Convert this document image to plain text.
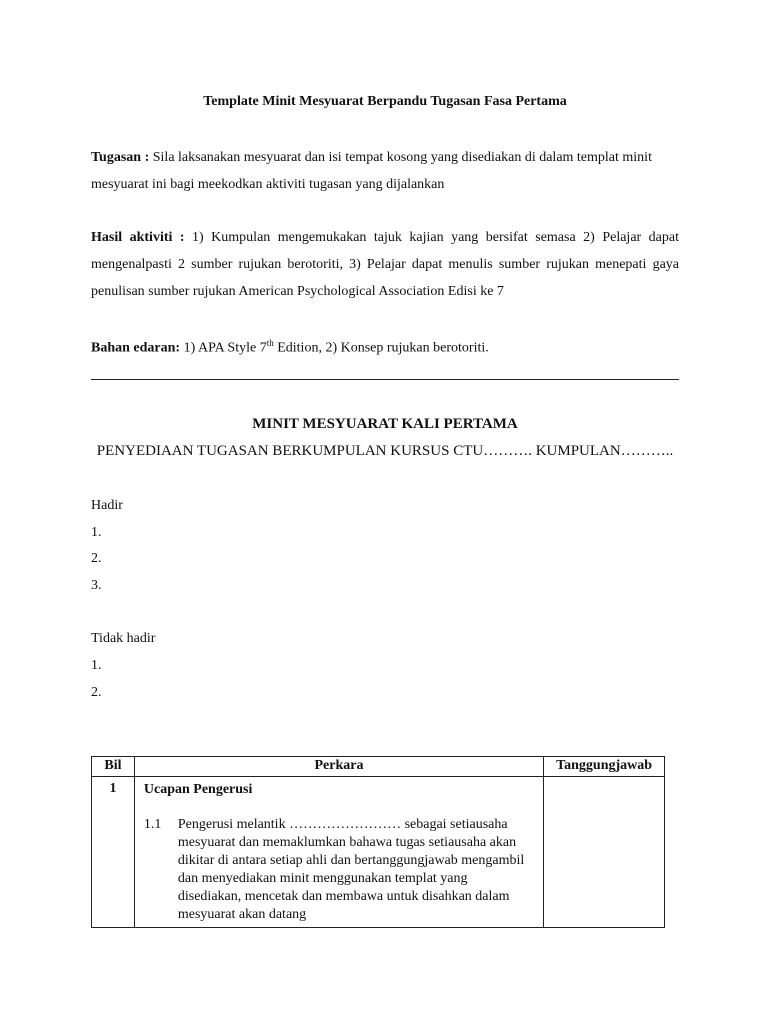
Template Minit Mesyuarat Berpandu Tugasan Fasa Pertama
Tugasan : Sila laksanakan mesyuarat dan isi tempat kosong yang disediakan di dalam templat minit mesyuarat ini bagi meekodkan aktiviti tugasan yang dijalankan
Hasil aktiviti : 1) Kumpulan mengemukakan tajuk kajian yang bersifat semasa 2) Pelajar dapat mengenalpasti 2 sumber rujukan berotoriti, 3) Pelajar dapat menulis sumber rujukan menepati gaya penulisan sumber rujukan American Psychological Association Edisi ke 7
Bahan edaran: 1) APA Style 7th Edition, 2) Konsep rujukan berotoriti.
MINIT MESYUARAT KALI PERTAMA
PENYEDIAAN TUGASAN BERKUMPULAN KURSUS CTU………. KUMPULAN………..
Hadir
1.
2.
3.
Tidak hadir
1.
2.
Bil	Perkara	Tanggungjawab
1	Ucapan Pengerusi
1.1 Pengerusi melantik …………………… sebagai setiausaha mesyuarat dan memaklumkan bahawa tugas setiausaha akan dikitar di antara setiap ahli dan bertanggungjawab mengambil dan menyediakan minit menggunakan templat yang disediakan, mencetak dan membawa untuk disahkan dalam mesyuarat akan datang	
